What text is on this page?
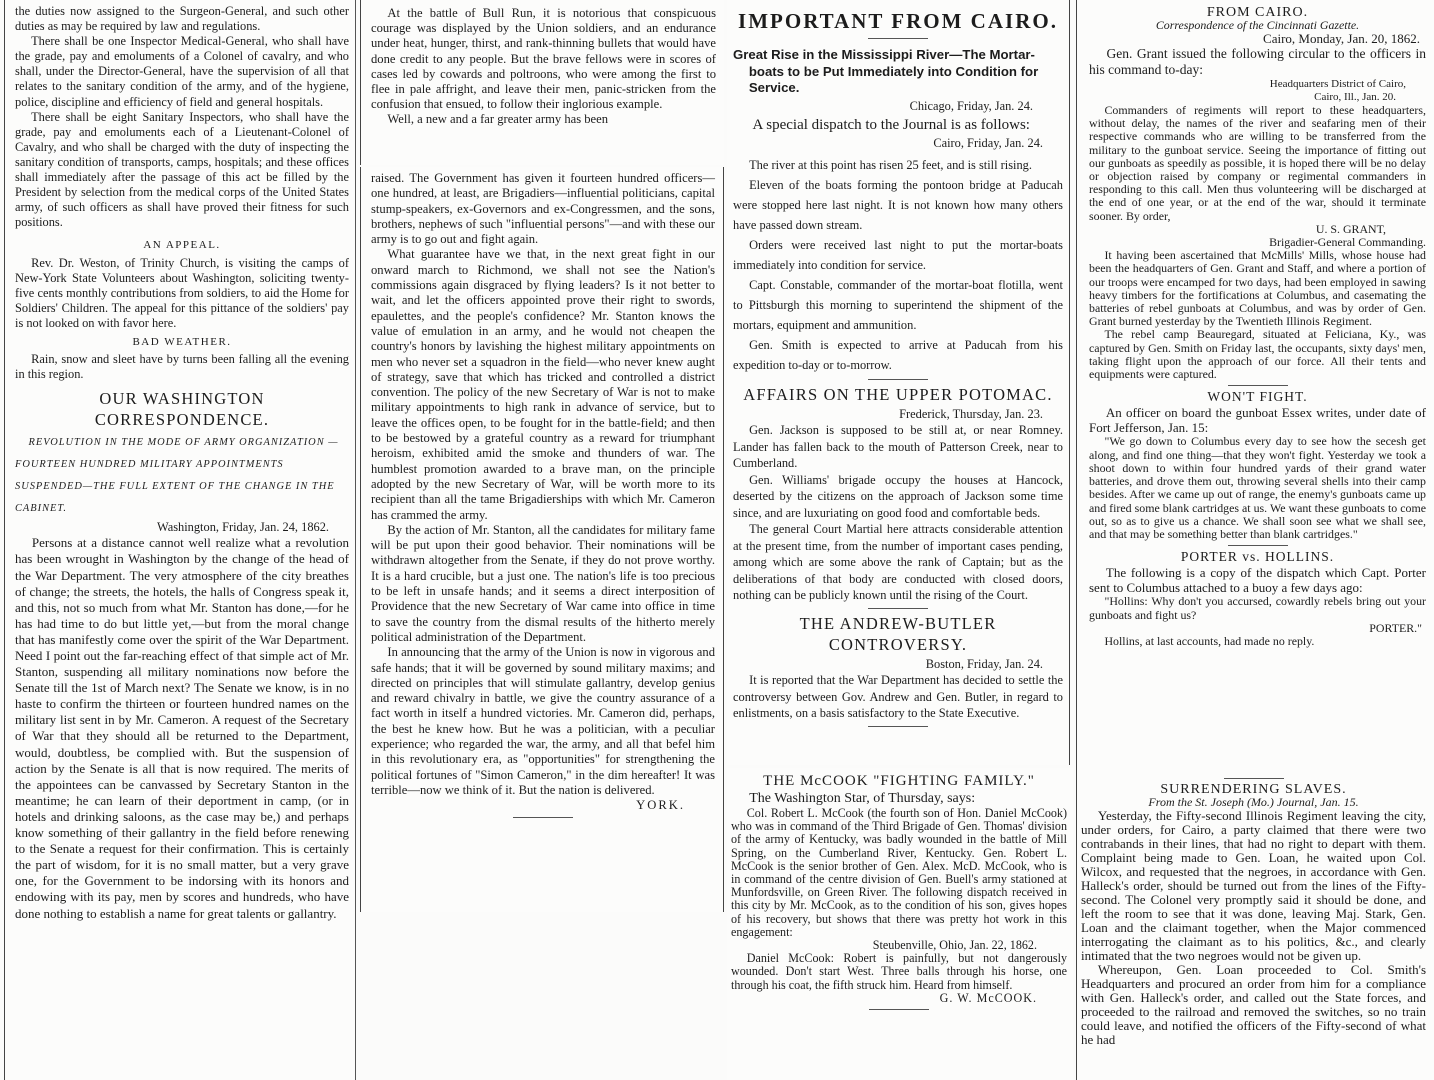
the duties now assigned to the Surgeon-General, and such other duties as may be required by law and regulations.

There shall be one Inspector Medical-General, who shall have the grade, pay and emoluments of a Colonel of cavalry, and who shall, under the Director-General, have the supervision of all that relates to the sanitary condition of the army, and of the hygiene, police, discipline and efficiency of field and general hospitals.

There shall be eight Sanitary Inspectors, who shall have the grade, pay and emoluments each of a Lieutenant-Colonel of Cavalry, and who shall be charged with the duty of inspecting the sanitary condition of transports, camps, hospitals; and these offices shall immediately after the passage of this act be filled by the President by selection from the medical corps of the United States army, of such officers as shall have proved their fitness for such positions.

AN APPEAL.

Rev. Dr. Weston, of Trinity Church, is visiting the camps of New-York State Volunteers about Washington, soliciting twenty-five cents monthly contributions from soldiers, to aid the Home for Soldiers' Children. The appeal for this pittance of the soldiers' pay is not looked on with favor here.

BAD WEATHER.

Rain, snow and sleet have by turns been falling all the evening in this region.

OUR WASHINGTON CORRESPONDENCE.
REVOLUTION IN THE MODE OF ARMY ORGANIZATION —FOURTEEN HUNDRED MILITARY APPOINTMENTS SUSPENDED—THE FULL EXTENT OF THE CHANGE IN THE CABINET.
Washington, Friday, Jan. 24, 1862.

Persons at a distance cannot well realize what a revolution has been wrought in Washington by the change of the head of the War Department. The very atmosphere of the city breathes of change; the streets, the hotels, the halls of Congress speak it, and this, not so much from what Mr. Stanton has done,—for he has had time to do but little yet,—but from the moral change that has manifestly come over the spirit of the War Department. Need I point out the far-reaching effect of that simple act of Mr. Stanton, suspending all military nominations now before the Senate till the 1st of March next? The Senate we know, is in no haste to confirm the thirteen or fourteen hundred names on the military list sent in by Mr. Cameron. A request of the Secretary of War that they should all be returned to the Department, would, doubtless, be complied with. But the suspension of action by the Senate is all that is now required. The merits of the appointees can be canvassed by Secretary Stanton in the meantime; he can learn of their deportment in camp, (or in hotels and drinking saloons, as the case may be,) and perhaps know something of their gallantry in the field before renewing to the Senate a request for their confirmation. This is certainly the part of wisdom, for it is no small matter, but a very grave one, for the Government to be indorsing with its honors and endowing with its pay, men by scores and hundreds, who have done nothing to establish a name for great talents or gallantry.

At the battle of Bull Run, it is notorious that conspicuous courage was displayed by the Union soldiers, and an endurance under heat, hunger, thirst, and rank-thinning bullets that would have done credit to any people. But the brave fellows were in scores of cases led by cowards and poltroons, who were among the first to flee in pale affright, and leave their men, panic-stricken from the confusion that ensued, to follow their inglorious example.

Well, a new and a far greater army has been

raised. The Government has given it fourteen hundred officers—one hundred, at least, are Brigadiers—influential politicians, capital stump-speakers, ex-Governors and ex-Congressmen, and the sons, brothers, nephews of such "influential persons"—and with these our army is to go out and fight again.

What guarantee have we that, in the next great fight in our onward march to Richmond, we shall not see the Nation's commissions again disgraced by flying leaders? Is it not better to wait, and let the officers appointed prove their right to swords, epaulettes, and the people's confidence? Mr. Stanton knows the value of emulation in an army, and he would not cheapen the country's honors by lavishing the highest military appointments on men who never set a squadron in the field—who never knew aught of strategy, save that which has tricked and controlled a district convention. The policy of the new Secretary of War is not to make military appointments to high rank in advance of service, but to leave the offices open, to be fought for in the battle-field; and then to be bestowed by a grateful country as a reward for triumphant heroism, exhibited amid the smoke and thunders of war. The humblest promotion awarded to a brave man, on the principle adopted by the new Secretary of War, will be worth more to its recipient than all the tame Brigadierships with which Mr. Cameron has crammed the army.

By the action of Mr. Stanton, all the candidates for military fame will be put upon their good behavior. Their nominations will be withdrawn altogether from the Senate, if they do not prove worthy. It is a hard crucible, but a just one. The nation's life is too precious to be left in unsafe hands; and it seems a direct interposition of Providence that the new Secretary of War came into office in time to save the country from the dismal results of the hitherto merely political administration of the Department.

In announcing that the army of the Union is now in vigorous and safe hands; that it will be governed by sound military maxims; and directed on principles that will stimulate gallantry, develop genius and reward chivalry in battle, we give the country assurance of a fact worth in itself a hundred victories. Mr. Cameron did, perhaps, the best he knew how. But he was a politician, with a peculiar experience; who regarded the war, the army, and all that befel him in this revolutionary era, as "opportunities" for strengthening the political fortunes of "Simon Cameron," in the dim hereafter! It was terrible—now we think of it. But the nation is delivered.

YORK.
IMPORTANT FROM CAIRO.
Great Rise in the Mississippi River—The Mortar-boats to be Put Immediately into Condition for Service.
Chicago, Friday, Jan. 24.

A special dispatch to the Journal is as follows:

Cairo, Friday, Jan. 24.

The river at this point has risen 25 feet, and is still rising.

Eleven of the boats forming the pontoon bridge at Paducah were stopped here last night. It is not known how many others have passed down stream.

Orders were received last night to put the mortar-boats immediately into condition for service.

Capt. Constable, commander of the mortar-boat flotilla, went to Pittsburgh this morning to superintend the shipment of the mortars, equipment and ammunition.

Gen. Smith is expected to arrive at Paducah from his expedition to-day or to-morrow.

AFFAIRS ON THE UPPER POTOMAC.
Frederick, Thursday, Jan. 23.

Gen. Jackson is supposed to be still at, or near Romney. Lander has fallen back to the mouth of Patterson Creek, near to Cumberland.

Gen. Williams' brigade occupy the houses at Hancock, deserted by the citizens on the approach of Jackson some time since, and are luxuriating on good food and comfortable beds.

The general Court Martial here attracts considerable attention at the present time, from the number of important cases pending, among which are some above the rank of Captain; but as the deliberations of that body are conducted with closed doors, nothing can be publicly known until the rising of the Court.

THE ANDREW-BUTLER CONTROVERSY.
Boston, Friday, Jan. 24.

It is reported that the War Department has decided to settle the controversy between Gov. Andrew and Gen. Butler, in regard to enlistments, on a basis satisfactory to the State Executive.

THE McCOOK "FIGHTING FAMILY."

The Washington Star, of Thursday, says:

Col. Robert L. McCook (the fourth son of Hon. Daniel McCook) who was in command of the Third Brigade of Gen. Thomas' division of the army of Kentucky, was badly wounded in the battle of Mill Spring, on the Cumberland River, Kentucky. Gen. Robert L. McCook is the senior brother of Gen. Alex. McD. McCook, who is in command of the centre division of Gen. Buell's army stationed at Munfordsville, on Green River. The following dispatch received in this city by Mr. McCook, as to the condition of his son, gives hopes of his recovery, but shows that there was pretty hot work in this engagement:

Steubenville, Ohio, Jan. 22, 1862.

Daniel McCook: Robert is painfully, but not dangerously wounded. Don't start West. Three balls through his horse, one through his coat, the fifth struck him. Heard from himself.

G. W. McCOOK.
FROM CAIRO.
Correspondence of the Cincinnati Gazette.
Cairo, Monday, Jan. 20, 1862.

Gen. Grant issued the following circular to the officers in his command to-day:

Headquarters District of Cairo,
Cairo, Ill., Jan. 20.

Commanders of regiments will report to these headquarters, without delay, the names of the river and seafaring men of their respective commands who are willing to be transferred from the military to the gunboat service. Seeing the importance of fitting out our gunboats as speedily as possible, it is hoped there will be no delay or objection raised by company or regimental commanders in responding to this call. Men thus volunteering will be discharged at the end of one year, or at the end of the war, should it terminate sooner. By order,

U. S. GRANT,
Brigadier-General Commanding.

It having been ascertained that McMills' Mills, whose house had been the headquarters of Gen. Grant and Staff, and where a portion of our troops were encamped for two days, had been employed in sawing heavy timbers for the fortifications at Columbus, and casemating the batteries of rebel gunboats at Columbus, and was by order of Gen. Grant burned yesterday by the Twentieth Illinois Regiment.

The rebel camp Beauregard, situated at Feliciana, Ky., was captured by Gen. Smith on Friday last, the occupants, sixty days' men, taking flight upon the approach of our force. All their tents and equipments were captured.

WON'T FIGHT.

An officer on board the gunboat Essex writes, under date of Fort Jefferson, Jan. 15:

"We go down to Columbus every day to see how the secesh get along, and find one thing—that they won't fight. Yesterday we took a shoot down to within four hundred yards of their grand water batteries, and drove them out, throwing several shells into their camp besides. After we came up out of range, the enemy's gunboats came up and fired some blank cartridges at us. We want these gunboats to come out, so as to give us a chance. We shall soon see what we shall see, and that may be something better than blank cartridges."

PORTER vs. HOLLINS.

The following is a copy of the dispatch which Capt. Porter sent to Columbus attached to a buoy a few days ago:

"Hollins: Why don't you accursed, cowardly rebels bring out your gunboats and fight us?

PORTER."

Hollins, at last accounts, had made no reply.

SURRENDERING SLAVES.
From the St. Joseph (Mo.) Journal, Jan. 15.

Yesterday, the Fifty-second Illinois Regiment leaving the city, under orders, for Cairo, a party claimed that there were two contrabands in their lines, that had no right to depart with them. Complaint being made to Gen. Loan, he waited upon Col. Wilcox, and requested that the negroes, in accordance with Gen. Halleck's order, should be turned out from the lines of the Fifty-second. The Colonel very promptly said it should be done, and left the room to see that it was done, leaving Maj. Stark, Gen. Loan and the claimant together, when the Major commenced interrogating the claimant as to his politics, &c., and clearly intimated that the two negroes would not be given up.

Whereupon, Gen. Loan proceeded to Col. Smith's Headquarters and procured an order from him for a compliance with Gen. Halleck's order, and called out the State forces, and proceeded to the railroad and removed the switches, so no train could leave, and notified the officers of the Fifty-second of what he had
